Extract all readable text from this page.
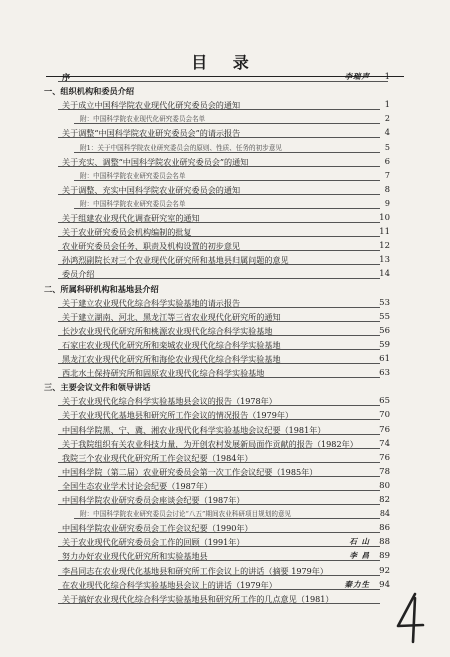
目 录
序	李瑞声 1
一、组织机构和委员介绍
关于成立中国科学院农业现代化研究委员会的通知	1
附：中国科学院农业现代化研究委员会名单	2
关于调整“中国科学院农业研究委员会”的请示报告	4
附1：关于中国科学院农业研究委员会的原则、性质、任务的初步意见	5
关于充实、调整“中国科学院农业研究委员会”的通知	6
附：中国科学院农业研究委员会名单	7
关于调整、充实中国科学院农业研究委员会的通知	8
附：中国科学院农业研究委员会名单	9
关于组建农业现代化调查研究室的通知	10
关于农业研究委员会机构编制的批复	11
农业研究委员会任务、职责及机构设置的初步意见	12
孙鸿烈副院长对三个农业现代化研究所和基地县归属问题的意见	13
委员介绍	14
二、所属科研机构和基地县介绍
关于建立农业现代化综合科学实验基地的请示报告	53
关于建立湖南、河北、黑龙江等三省农业现代化研究所的通知	55
长沙农业现代化研究所和桃源农业现代化综合科学实验基地	56
石家庄农业现代化研究所和栾城农业现代化综合科学实验基地	59
黑龙江农业现代化研究所和海伦农业现代化综合科学实验基地	61
西北水土保持研究所和固原农业现代化综合科学实验基地	63
三、主要会议文件和领导讲话
关于农业现代化综合科学实验基地县会议的报告（1978年）	65
关于农业现代化基地县和研究所工作会议的情况报告（1979年）	70
中国科学院黑、宁、冀、湘农业现代化科学实验基地会议纪要（1981年）	76
关于我院组织有关农业科技力量，为开创农村发展新局面作贡献的报告（1982年）	74
我院三个农业现代化研究所工作会议纪要（1984年）	76
中国科学院（第二届）农业研究委员会第一次工作会议纪要（1985年）	78
全国生态农业学术讨论会纪要（1987年）	80
中国科学院农业研究委员会座谈会纪要（1987年）	82
附：中国科学院农业研究委员会讨论“八五”期间农业科研项目规划的意见	84
中国科学院农业研究委员会工作会议纪要（1990年）	86
关于农业现代化研究委员会工作的回顾（1991年）	石 山 88
努力办好农业现代化研究所和实验基地县	李 昌 89
李昌同志在农业现代化基地县和研究所工作会议上的讲话（摘要 1979年）	92
在农业现代化综合科学实验基地县会议上的讲话（1979年）	秦力生 94
关于搞好农业现代化综合科学实验基地县和研究所工作的几点意见（1981）
